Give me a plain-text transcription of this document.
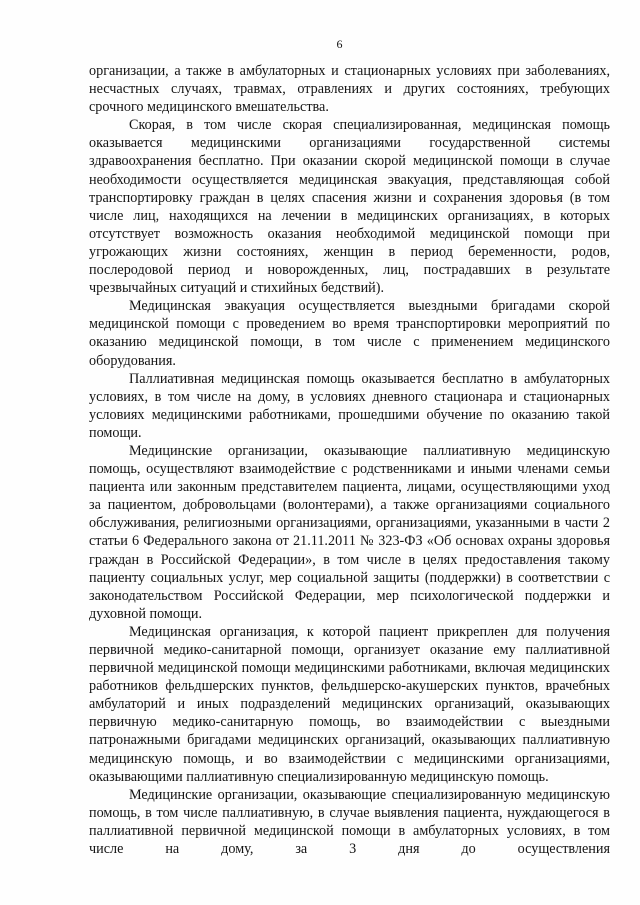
6

организации, а также в амбулаторных и стационарных условиях при заболеваниях, несчастных случаях, травмах, отравлениях и других состояниях, требующих срочного медицинского вмешательства.

Скорая, в том числе скорая специализированная, медицинская помощь оказывается медицинскими организациями государственной системы здравоохранения бесплатно. При оказании скорой медицинской помощи в случае необходимости осуществляется медицинская эвакуация, представляющая собой транспортировку граждан в целях спасения жизни и сохранения здоровья (в том числе лиц, находящихся на лечении в медицинских организациях, в которых отсутствует возможность оказания необходимой медицинской помощи при угрожающих жизни состояниях, женщин в период беременности, родов, послеродовой период и новорожденных, лиц, пострадавших в результате чрезвычайных ситуаций и стихийных бедствий).

Медицинская эвакуация осуществляется выездными бригадами скорой медицинской помощи с проведением во время транспортировки мероприятий по оказанию медицинской помощи, в том числе с применением медицинского оборудования.

Паллиативная медицинская помощь оказывается бесплатно в амбулаторных условиях, в том числе на дому, в условиях дневного стационара и стационарных условиях медицинскими работниками, прошедшими обучение по оказанию такой помощи.

Медицинские организации, оказывающие паллиативную медицинскую помощь, осуществляют взаимодействие с родственниками и иными членами семьи пациента или законным представителем пациента, лицами, осуществляющими уход за пациентом, добровольцами (волонтерами), а также организациями социального обслуживания, религиозными организациями, организациями, указанными в части 2 статьи 6 Федерального закона от 21.11.2011 № 323-ФЗ «Об основах охраны здоровья граждан в Российской Федерации», в том числе в целях предоставления такому пациенту социальных услуг, мер социальной защиты (поддержки) в соответствии с законодательством Российской Федерации, мер психологической поддержки и духовной помощи.

Медицинская организация, к которой пациент прикреплен для получения первичной медико-санитарной помощи, организует оказание ему паллиативной первичной медицинской помощи медицинскими работниками, включая медицинских работников фельдшерских пунктов, фельдшерско-акушерских пунктов, врачебных амбулаторий и иных подразделений медицинских организаций, оказывающих первичную медико-санитарную помощь, во взаимодействии с выездными патронажными бригадами медицинских организаций, оказывающих паллиативную медицинскую помощь, и во взаимодействии с медицинскими организациями, оказывающими паллиативную специализированную медицинскую помощь.

Медицинские организации, оказывающие специализированную медицинскую помощь, в том числе паллиативную, в случае выявления пациента, нуждающегося в паллиативной первичной медицинской помощи в амбулаторных условиях, в том числе на дому, за 3 дня до осуществления
